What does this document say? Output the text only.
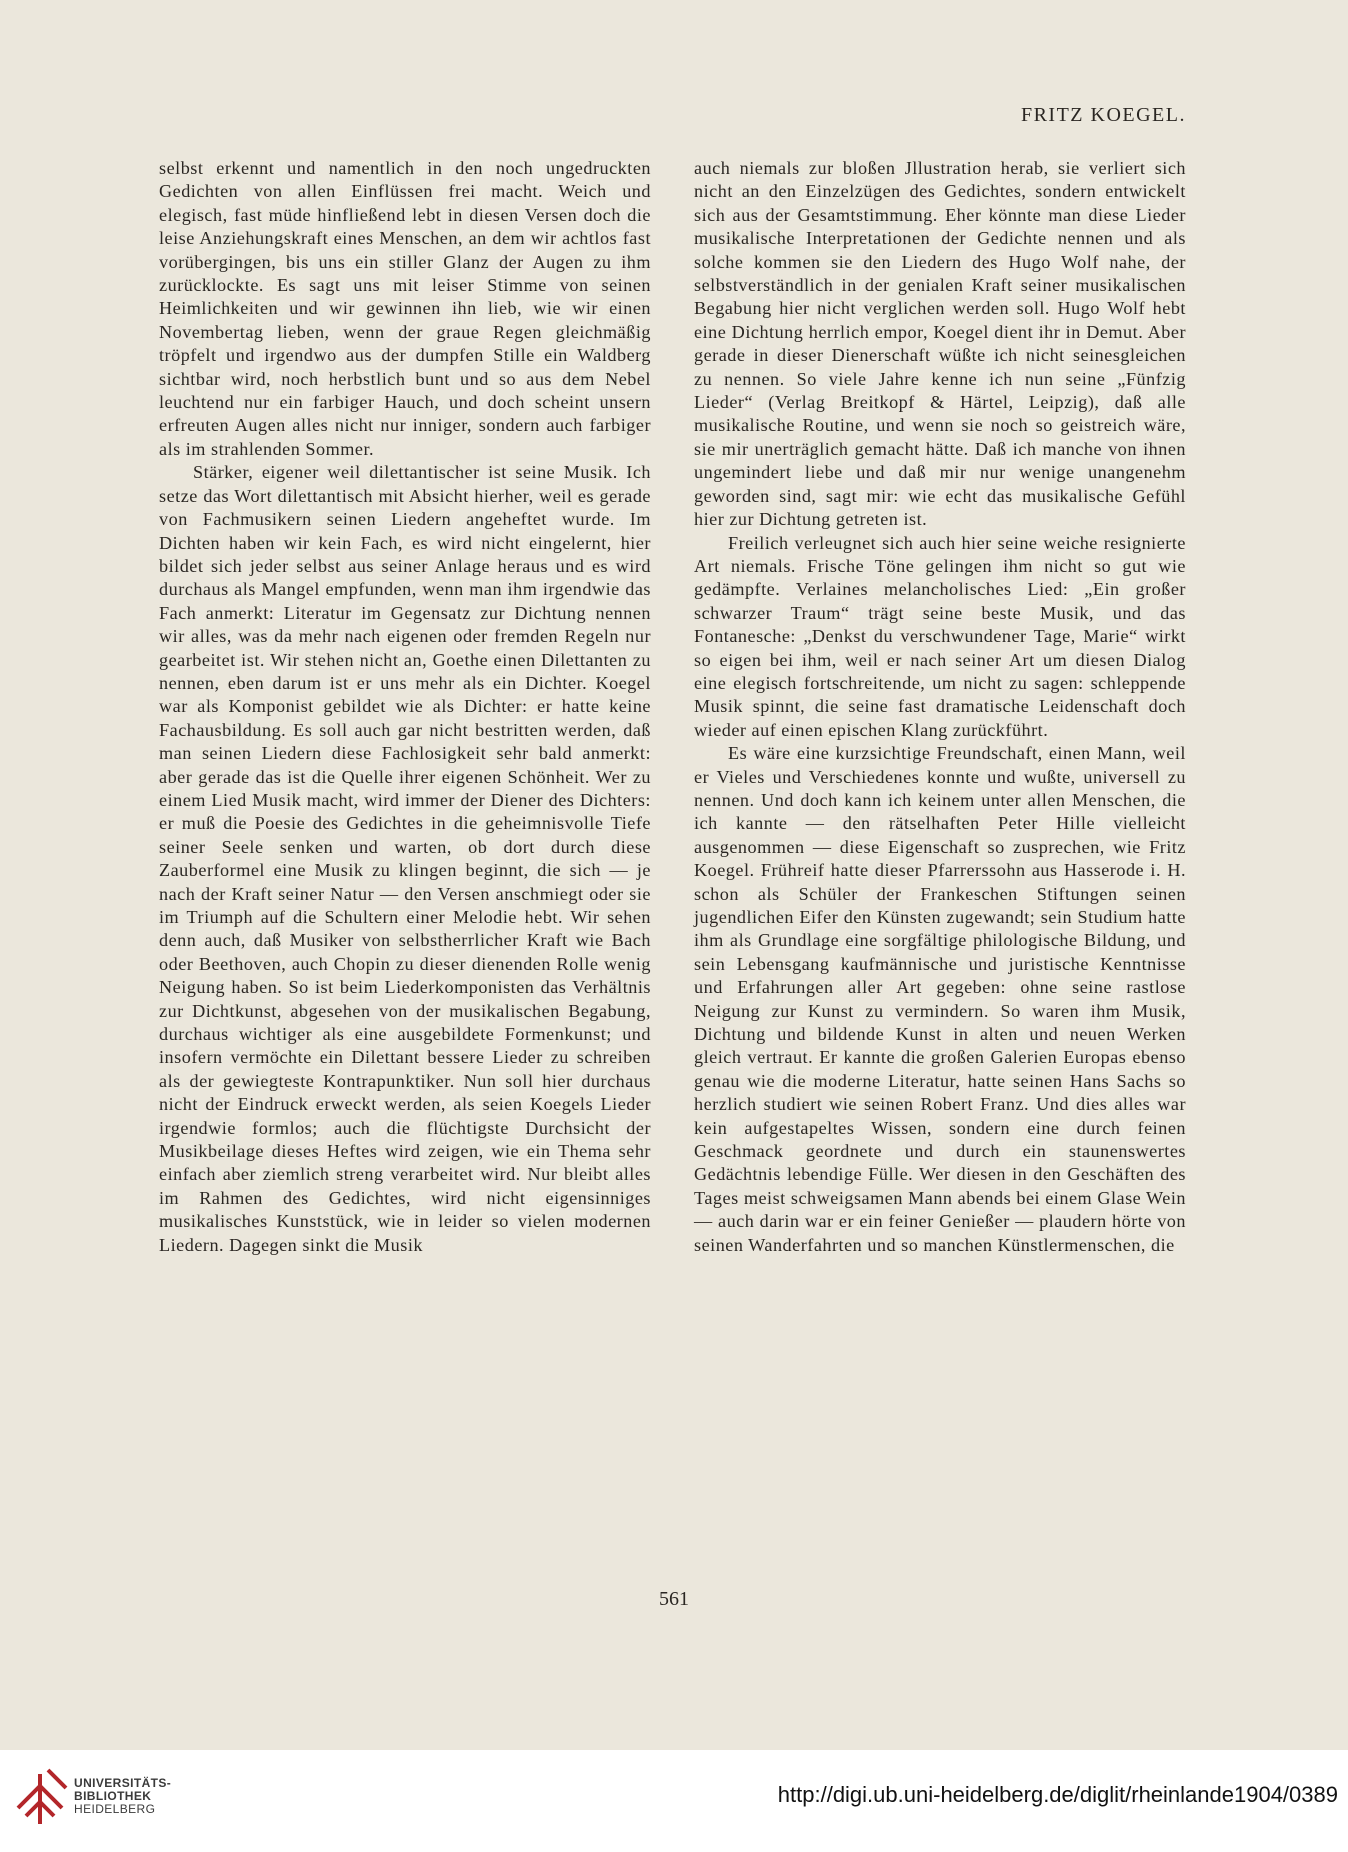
FRITZ KOEGEL.

selbst erkennt und namentlich in den noch ungedruckten Gedichten von allen Einflüssen frei macht. Weich und elegisch, fast müde hinfließend lebt in diesen Versen doch die leise Anziehungskraft eines Menschen, an dem wir achtlos fast vorübergingen, bis uns ein stiller Glanz der Augen zu ihm zurücklockte. Es sagt uns mit leiser Stimme von seinen Heimlichkeiten und wir gewinnen ihn lieb, wie wir einen Novembertag lieben, wenn der graue Regen gleichmäßig tröpfelt und irgendwo aus der dumpfen Stille ein Waldberg sichtbar wird, noch herbstlich bunt und so aus dem Nebel leuchtend nur ein farbiger Hauch, und doch scheint unsern erfreuten Augen alles nicht nur inniger, sondern auch farbiger als im strahlenden Sommer.

Stärker, eigener weil dilettantischer ist seine Musik. Ich setze das Wort dilettantisch mit Absicht hierher, weil es gerade von Fachmusikern seinen Liedern angeheftet wurde. Im Dichten haben wir kein Fach, es wird nicht eingelernt, hier bildet sich jeder selbst aus seiner Anlage heraus und es wird durchaus als Mangel empfunden, wenn man ihm irgendwie das Fach anmerkt: Literatur im Gegensatz zur Dichtung nennen wir alles, was da mehr nach eigenen oder fremden Regeln nur gearbeitet ist. Wir stehen nicht an, Goethe einen Dilettanten zu nennen, eben darum ist er uns mehr als ein Dichter. Koegel war als Komponist gebildet wie als Dichter: er hatte keine Fachausbildung. Es soll auch gar nicht bestritten werden, daß man seinen Liedern diese Fachlosigkeit sehr bald anmerkt: aber gerade das ist die Quelle ihrer eigenen Schönheit. Wer zu einem Lied Musik macht, wird immer der Diener des Dichters: er muß die Poesie des Gedichtes in die geheimnisvolle Tiefe seiner Seele senken und warten, ob dort durch diese Zauberformel eine Musik zu klingen beginnt, die sich — je nach der Kraft seiner Natur — den Versen anschmiegt oder sie im Triumph auf die Schultern einer Melodie hebt. Wir sehen denn auch, daß Musiker von selbstherrlicher Kraft wie Bach oder Beethoven, auch Chopin zu dieser dienenden Rolle wenig Neigung haben. So ist beim Liederkomponisten das Verhältnis zur Dichtkunst, abgesehen von der musikalischen Begabung, durchaus wichtiger als eine ausgebildete Formenkunst; und insofern vermöchte ein Dilettant bessere Lieder zu schreiben als der gewiegteste Kontrapunktiker. Nun soll hier durchaus nicht der Eindruck erweckt werden, als seien Koegels Lieder irgendwie formlos; auch die flüchtigste Durchsicht der Musikbeilage dieses Heftes wird zeigen, wie ein Thema sehr einfach aber ziemlich streng verarbeitet wird. Nur bleibt alles im Rahmen des Gedichtes, wird nicht eigensinniges musikalisches Kunststück, wie in leider so vielen modernen Liedern. Dagegen sinkt die Musik

auch niemals zur bloßen Jllustration herab, sie verliert sich nicht an den Einzelzügen des Gedichtes, sondern entwickelt sich aus der Gesamtstimmung. Eher könnte man diese Lieder musikalische Interpretationen der Gedichte nennen und als solche kommen sie den Liedern des Hugo Wolf nahe, der selbstverständlich in der genialen Kraft seiner musikalischen Begabung hier nicht verglichen werden soll. Hugo Wolf hebt eine Dichtung herrlich empor, Koegel dient ihr in Demut. Aber gerade in dieser Dienerschaft wüßte ich nicht seinesgleichen zu nennen. So viele Jahre kenne ich nun seine „Fünfzig Lieder“ (Verlag Breitkopf & Härtel, Leipzig), daß alle musikalische Routine, und wenn sie noch so geistreich wäre, sie mir unerträglich gemacht hätte. Daß ich manche von ihnen ungemindert liebe und daß mir nur wenige unangenehm geworden sind, sagt mir: wie echt das musikalische Gefühl hier zur Dichtung getreten ist.

Freilich verleugnet sich auch hier seine weiche resignierte Art niemals. Frische Töne gelingen ihm nicht so gut wie gedämpfte. Verlaines melancholisches Lied: „Ein großer schwarzer Traum“ trägt seine beste Musik, und das Fontanesche: „Denkst du verschwundener Tage, Marie“ wirkt so eigen bei ihm, weil er nach seiner Art um diesen Dialog eine elegisch fortschreitende, um nicht zu sagen: schleppende Musik spinnt, die seine fast dramatische Leidenschaft doch wieder auf einen epischen Klang zurückführt.

Es wäre eine kurzsichtige Freundschaft, einen Mann, weil er Vieles und Verschiedenes konnte und wußte, universell zu nennen. Und doch kann ich keinem unter allen Menschen, die ich kannte — den rätselhaften Peter Hille vielleicht ausgenommen — diese Eigenschaft so zusprechen, wie Fritz Koegel. Frühreif hatte dieser Pfarrerssohn aus Hasserode i. H. schon als Schüler der Frankeschen Stiftungen seinen jugendlichen Eifer den Künsten zugewandt; sein Studium hatte ihm als Grundlage eine sorgfältige philologische Bildung, und sein Lebensgang kaufmännische und juristische Kenntnisse und Erfahrungen aller Art gegeben: ohne seine rastlose Neigung zur Kunst zu vermindern. So waren ihm Musik, Dichtung und bildende Kunst in alten und neuen Werken gleich vertraut. Er kannte die großen Galerien Europas ebenso genau wie die moderne Literatur, hatte seinen Hans Sachs so herzlich studiert wie seinen Robert Franz. Und dies alles war kein aufgestapeltes Wissen, sondern eine durch feinen Geschmack geordnete und durch ein staunenswertes Gedächtnis lebendige Fülle. Wer diesen in den Geschäften des Tages meist schweigsamen Mann abends bei einem Glase Wein — auch darin war er ein feiner Genießer — plaudern hörte von seinen Wanderfahrten und so manchen Künstlermenschen, die

561
UNIVERSITÄTS-
BIBLIOTHEK
HEIDELBERG
http://digi.ub.uni-heidelberg.de/diglit/rheinlande1904/0389
